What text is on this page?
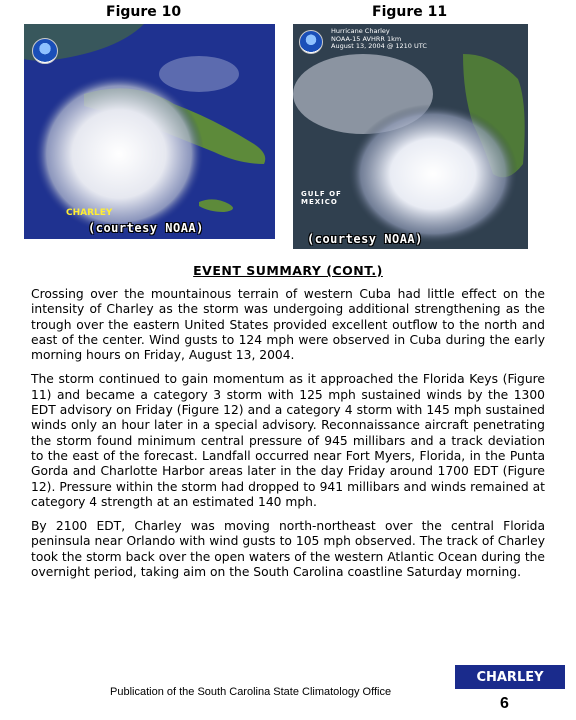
Figure 10	Figure 11
CHARLEY
(courtesy NOAA)
Hurricane Charley
NOAA-15 AVHRR 1km
August 13, 2004 @ 1210 UTC
GULF OF
MEXICO
(courtesy NOAA)
EVENT SUMMARY (CONT.)

Crossing over the mountainous terrain of western Cuba had little effect on the intensity of Charley as the storm was undergoing additional strengthening as the trough over the eastern United States provided excellent outflow to the north and east of the center. Wind gusts to 124 mph were observed in Cuba during the early morning hours on Friday, August 13, 2004.

The storm continued to gain momentum as it approached the Florida Keys (Figure 11) and became a category 3 storm with 125 mph sustained winds by the 1300 EDT advisory on Friday (Figure 12) and a category 4 storm with 145 mph sustained winds only an hour later in a special advisory. Reconnaissance aircraft penetrating the storm found minimum central pressure of 945 millibars and a track deviation to the east of the forecast. Landfall occurred near Fort Myers, Florida, in the Punta Gorda and Charlotte Harbor areas later in the day Friday around 1700 EDT (Figure 12). Pressure within the storm had dropped to 941 millibars and winds remained at category 4 strength at an estimated 140 mph.

By 2100 EDT, Charley was moving north-northeast over the central Florida peninsula near Orlando with wind gusts to 105 mph observed. The track of Charley took the storm back over the open waters of the western Atlantic Ocean during the overnight period, taking aim on the South Carolina coastline Saturday morning.

Publication of the South Carolina State Climatology Office
CHARLEY
6
